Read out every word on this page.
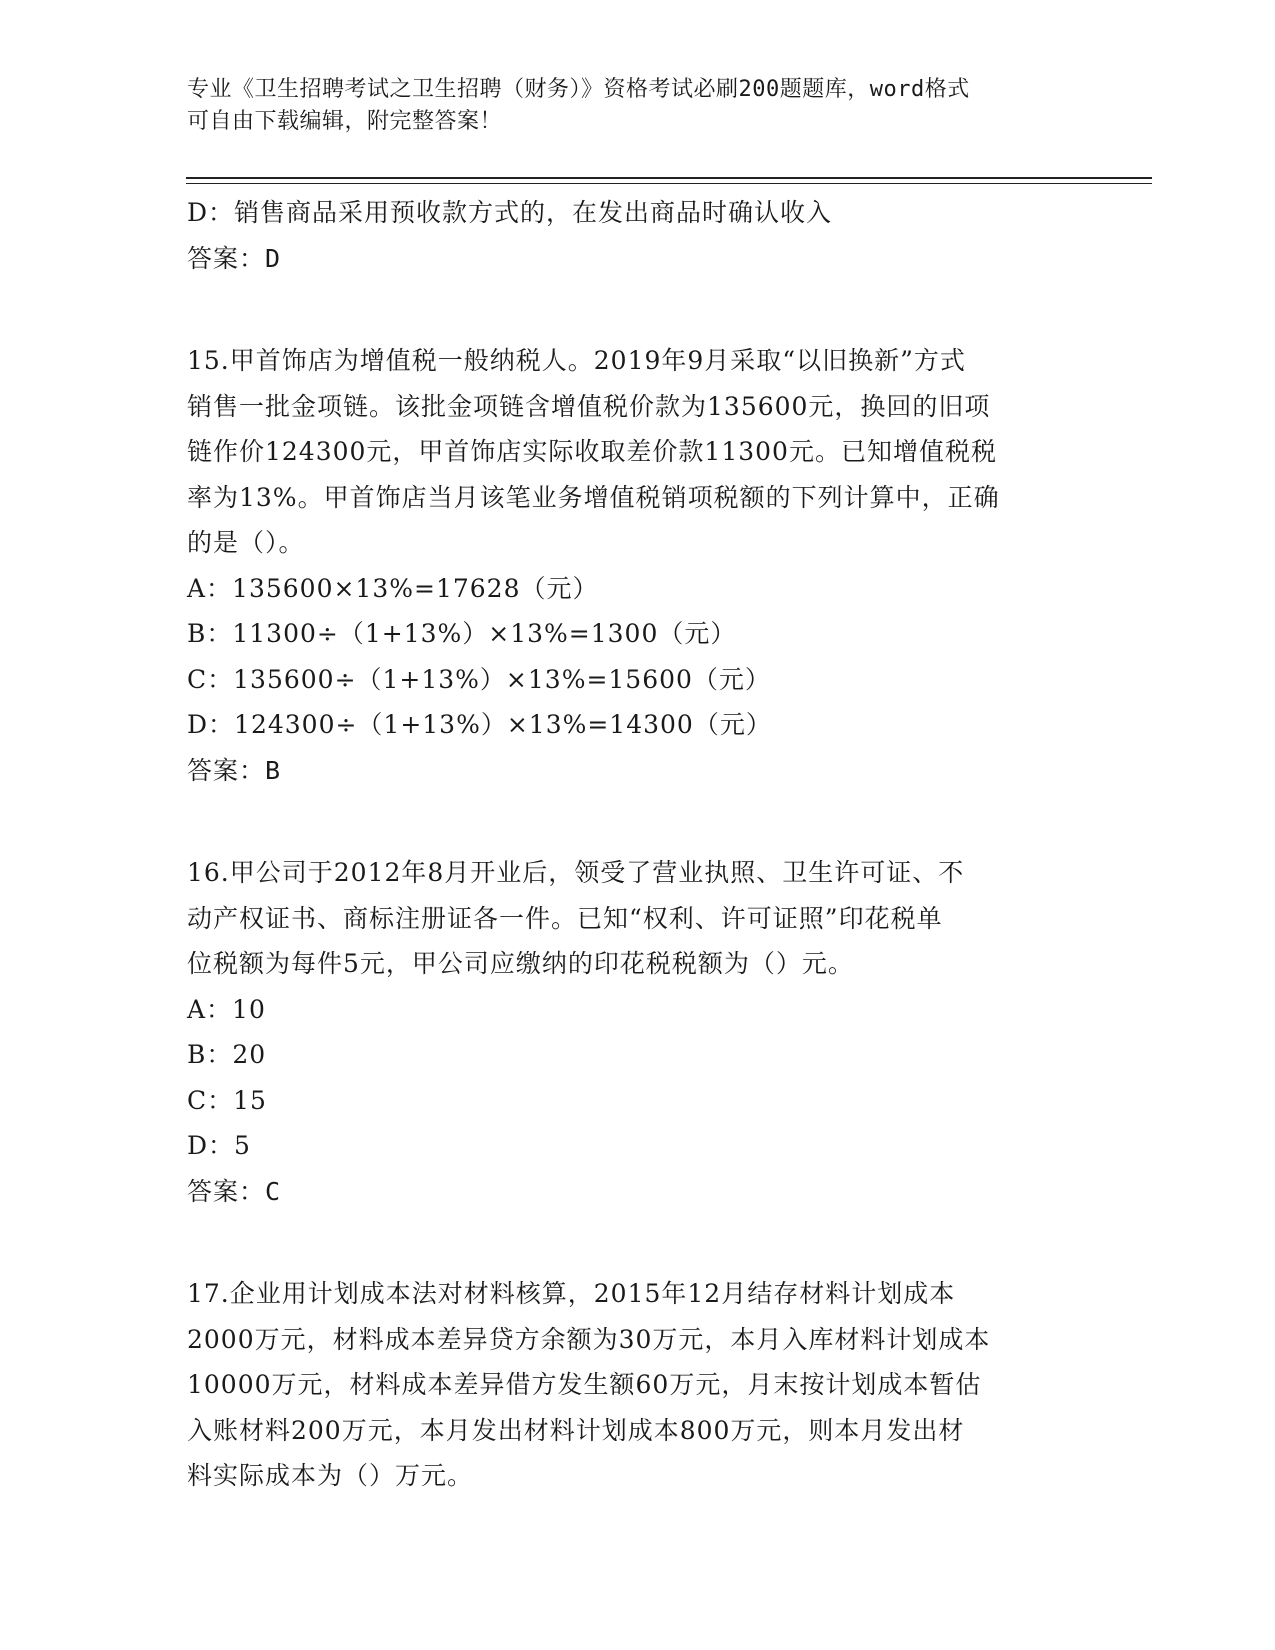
专业《卫生招聘考试之卫生招聘（财务）》资格考试必刷200题题库，word格式
可自由下载编辑，附完整答案！
D：销售商品采用预收款方式的，在发出商品时确认收入
答案：D
15.甲首饰店为增值税一般纳税人。2019年9月采取“以旧换新”方式
销售一批金项链。该批金项链含增值税价款为135600元，换回的旧项
链作价124300元，甲首饰店实际收取差价款11300元。已知增值税税
率为13%。甲首饰店当月该笔业务增值税销项税额的下列计算中，正确
的是（）。
A：135600×13%=17628（元）
B：11300÷（1+13%）×13%=1300（元）
C：135600÷（1+13%）×13%=15600（元）
D：124300÷（1+13%）×13%=14300（元）
答案：B
16.甲公司于2012年8月开业后，领受了营业执照、卫生许可证、不
动产权证书、商标注册证各一件。已知“权利、许可证照”印花税单
位税额为每件5元，甲公司应缴纳的印花税税额为（）元。
A：10
B：20
C：15
D：5
答案：C
17.企业用计划成本法对材料核算，2015年12月结存材料计划成本
2000万元，材料成本差异贷方余额为30万元，本月入库材料计划成本
10000万元，材料成本差异借方发生额60万元，月末按计划成本暂估
入账材料200万元，本月发出材料计划成本800万元，则本月发出材
料实际成本为（）万元。
